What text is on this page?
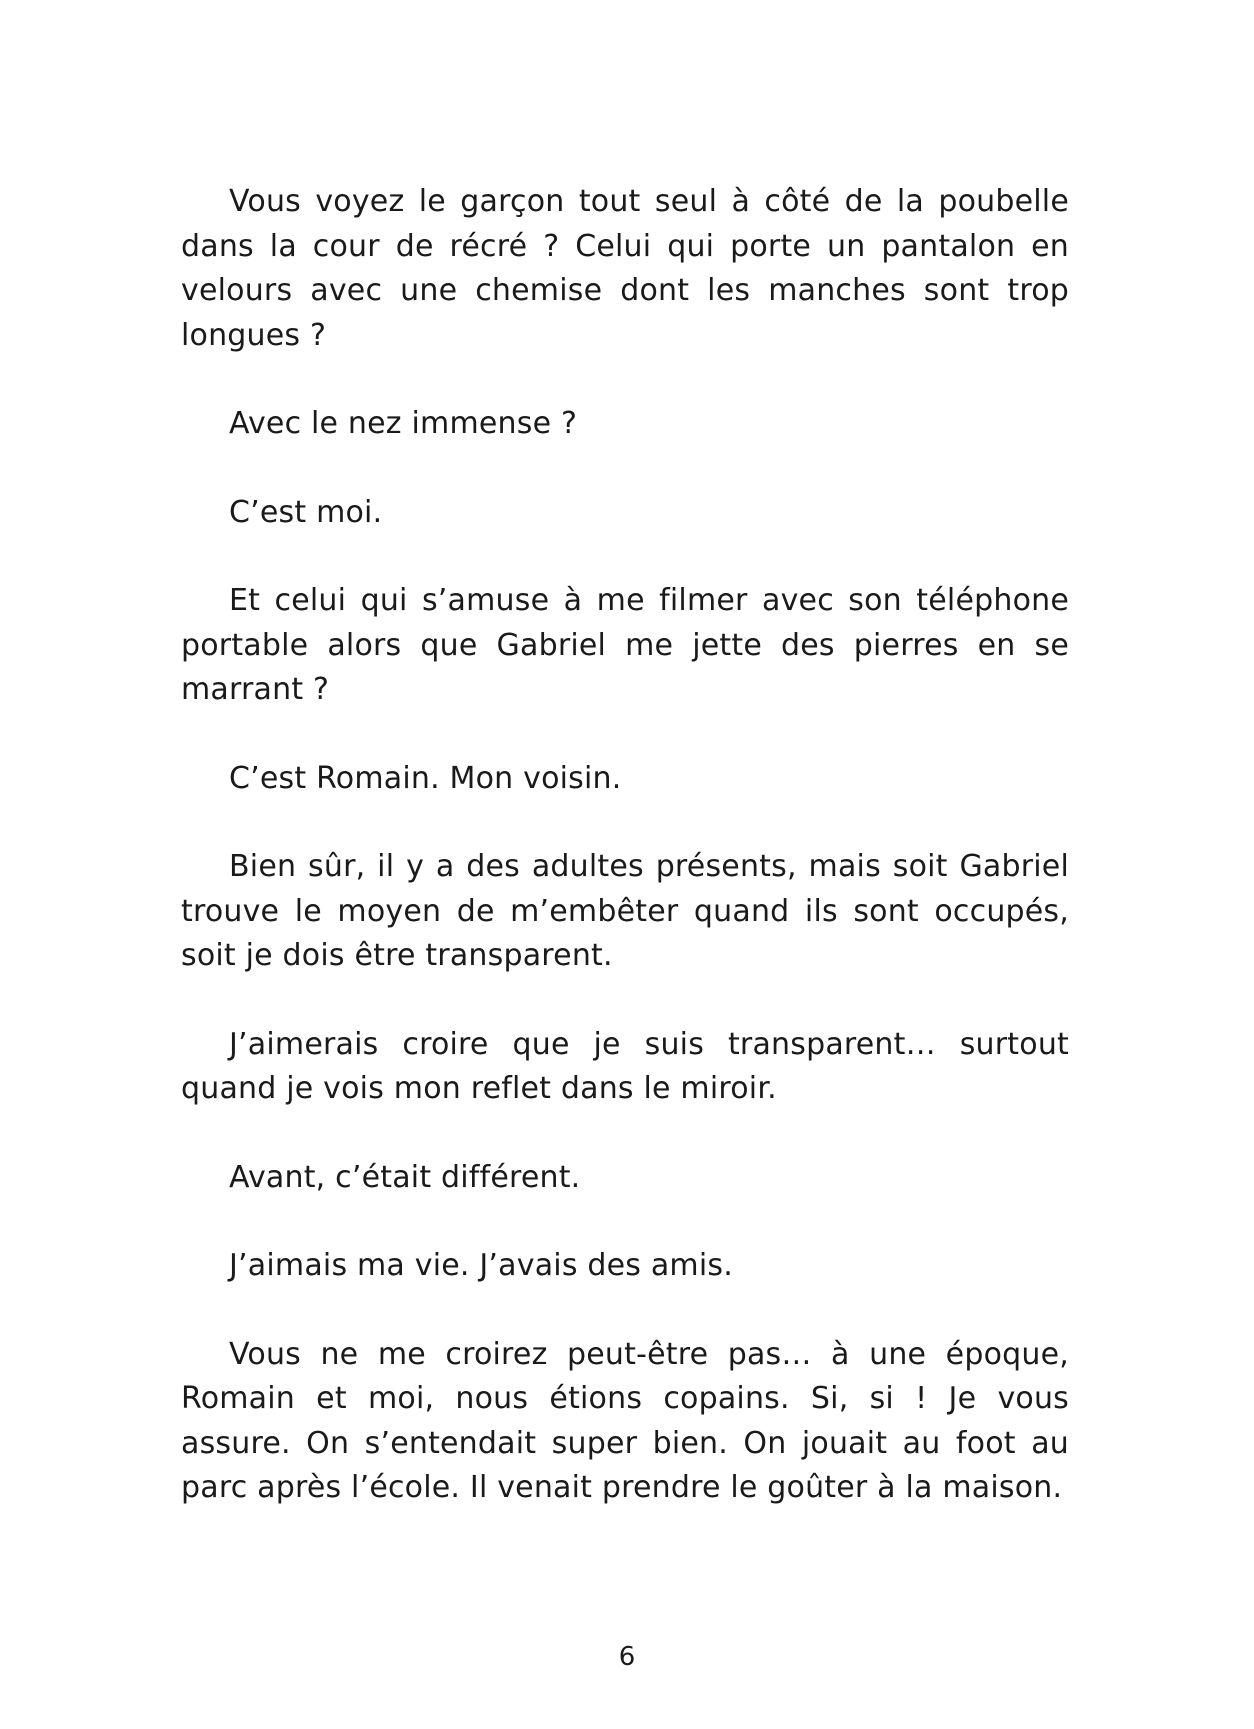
Vous voyez le garçon tout seul à côté de la poubelle dans la cour de récré ? Celui qui porte un pantalon en velours avec une chemise dont les manches sont trop longues ?

Avec le nez immense ?

C’est moi.

Et celui qui s’amuse à me filmer avec son téléphone portable alors que Gabriel me jette des pierres en se marrant ?

C’est Romain. Mon voisin.

Bien sûr, il y a des adultes présents, mais soit Gabriel trouve le moyen de m’embêter quand ils sont occupés, soit je dois être transparent.

J’aimerais croire que je suis transparent… surtout quand je vois mon reflet dans le miroir.

Avant, c’était différent.

J’aimais ma vie. J’avais des amis.

Vous ne me croirez peut-être pas… à une époque, Romain et moi, nous étions copains. Si, si ! Je vous assure. On s’entendait super bien. On jouait au foot au parc après l’école. Il venait prendre le goûter à la maison.

6
